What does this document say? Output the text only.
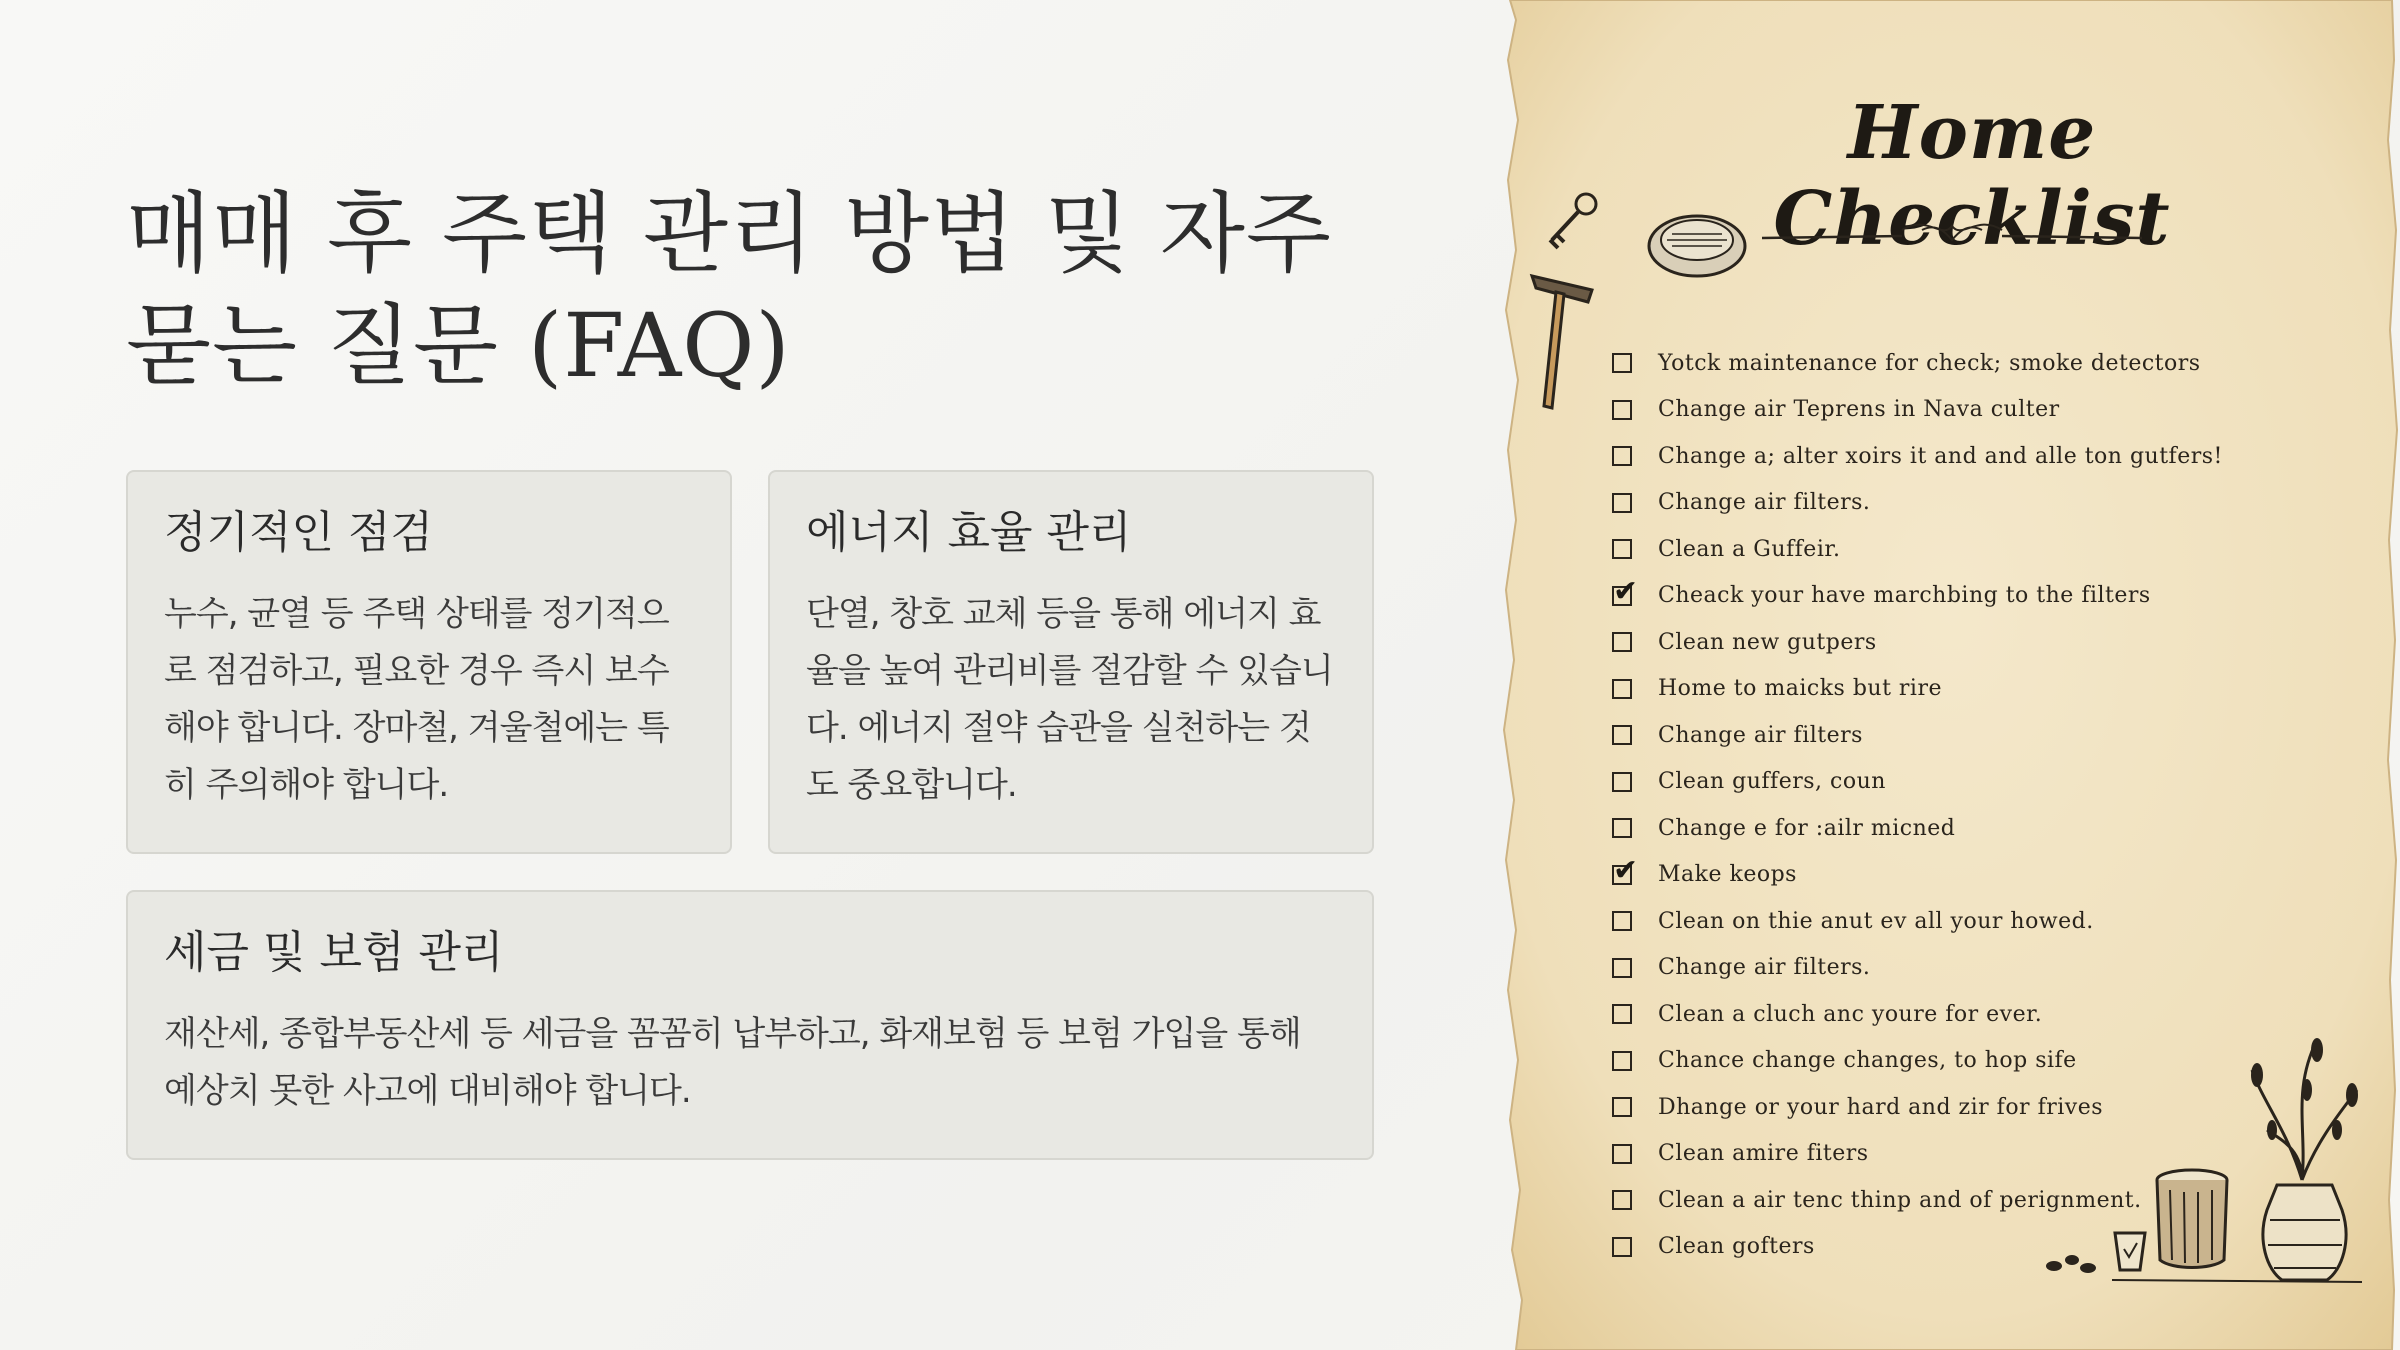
매매 후 주택 관리 방법 및 자주 묻는 질문 (FAQ)
정기적인 점검

누수, 균열 등 주택 상태를 정기적으로 점검하고, 필요한 경우 즉시 보수해야 합니다. 장마철, 겨울철에는 특히 주의해야 합니다.

에너지 효율 관리

단열, 창호 교체 등을 통해 에너지 효율을 높여 관리비를 절감할 수 있습니다. 에너지 절약 습관을 실천하는 것도 중요합니다.

세금 및 보험 관리

재산세, 종합부동산세 등 세금을 꼼꼼히 납부하고, 화재보험 등 보험 가입을 통해 예상치 못한 사고에 대비해야 합니다.

Home Checklist
Yotck maintenance for check; smoke detectors
Change air Teprens in Nava culter
Change a; alter xoirs it and and alle ton gutfers!
Change air filters.
Clean a Guffeir.
✔
Cheack your have marchbing to the filters
Clean new gutpers
Home to maicks but rire
Change air filters
Clean guffers, coun
Change e for :ailr micned
✔
Make keops
Clean on thie anut ev all your howed.
Change air filters.
Clean a cluch anc youre for ever.
Chance change changes, to hop sife
Dhange or your hard and zir for frives
Clean amire fiters
Clean a air tenc thinp and of perignment.
Clean gofters
